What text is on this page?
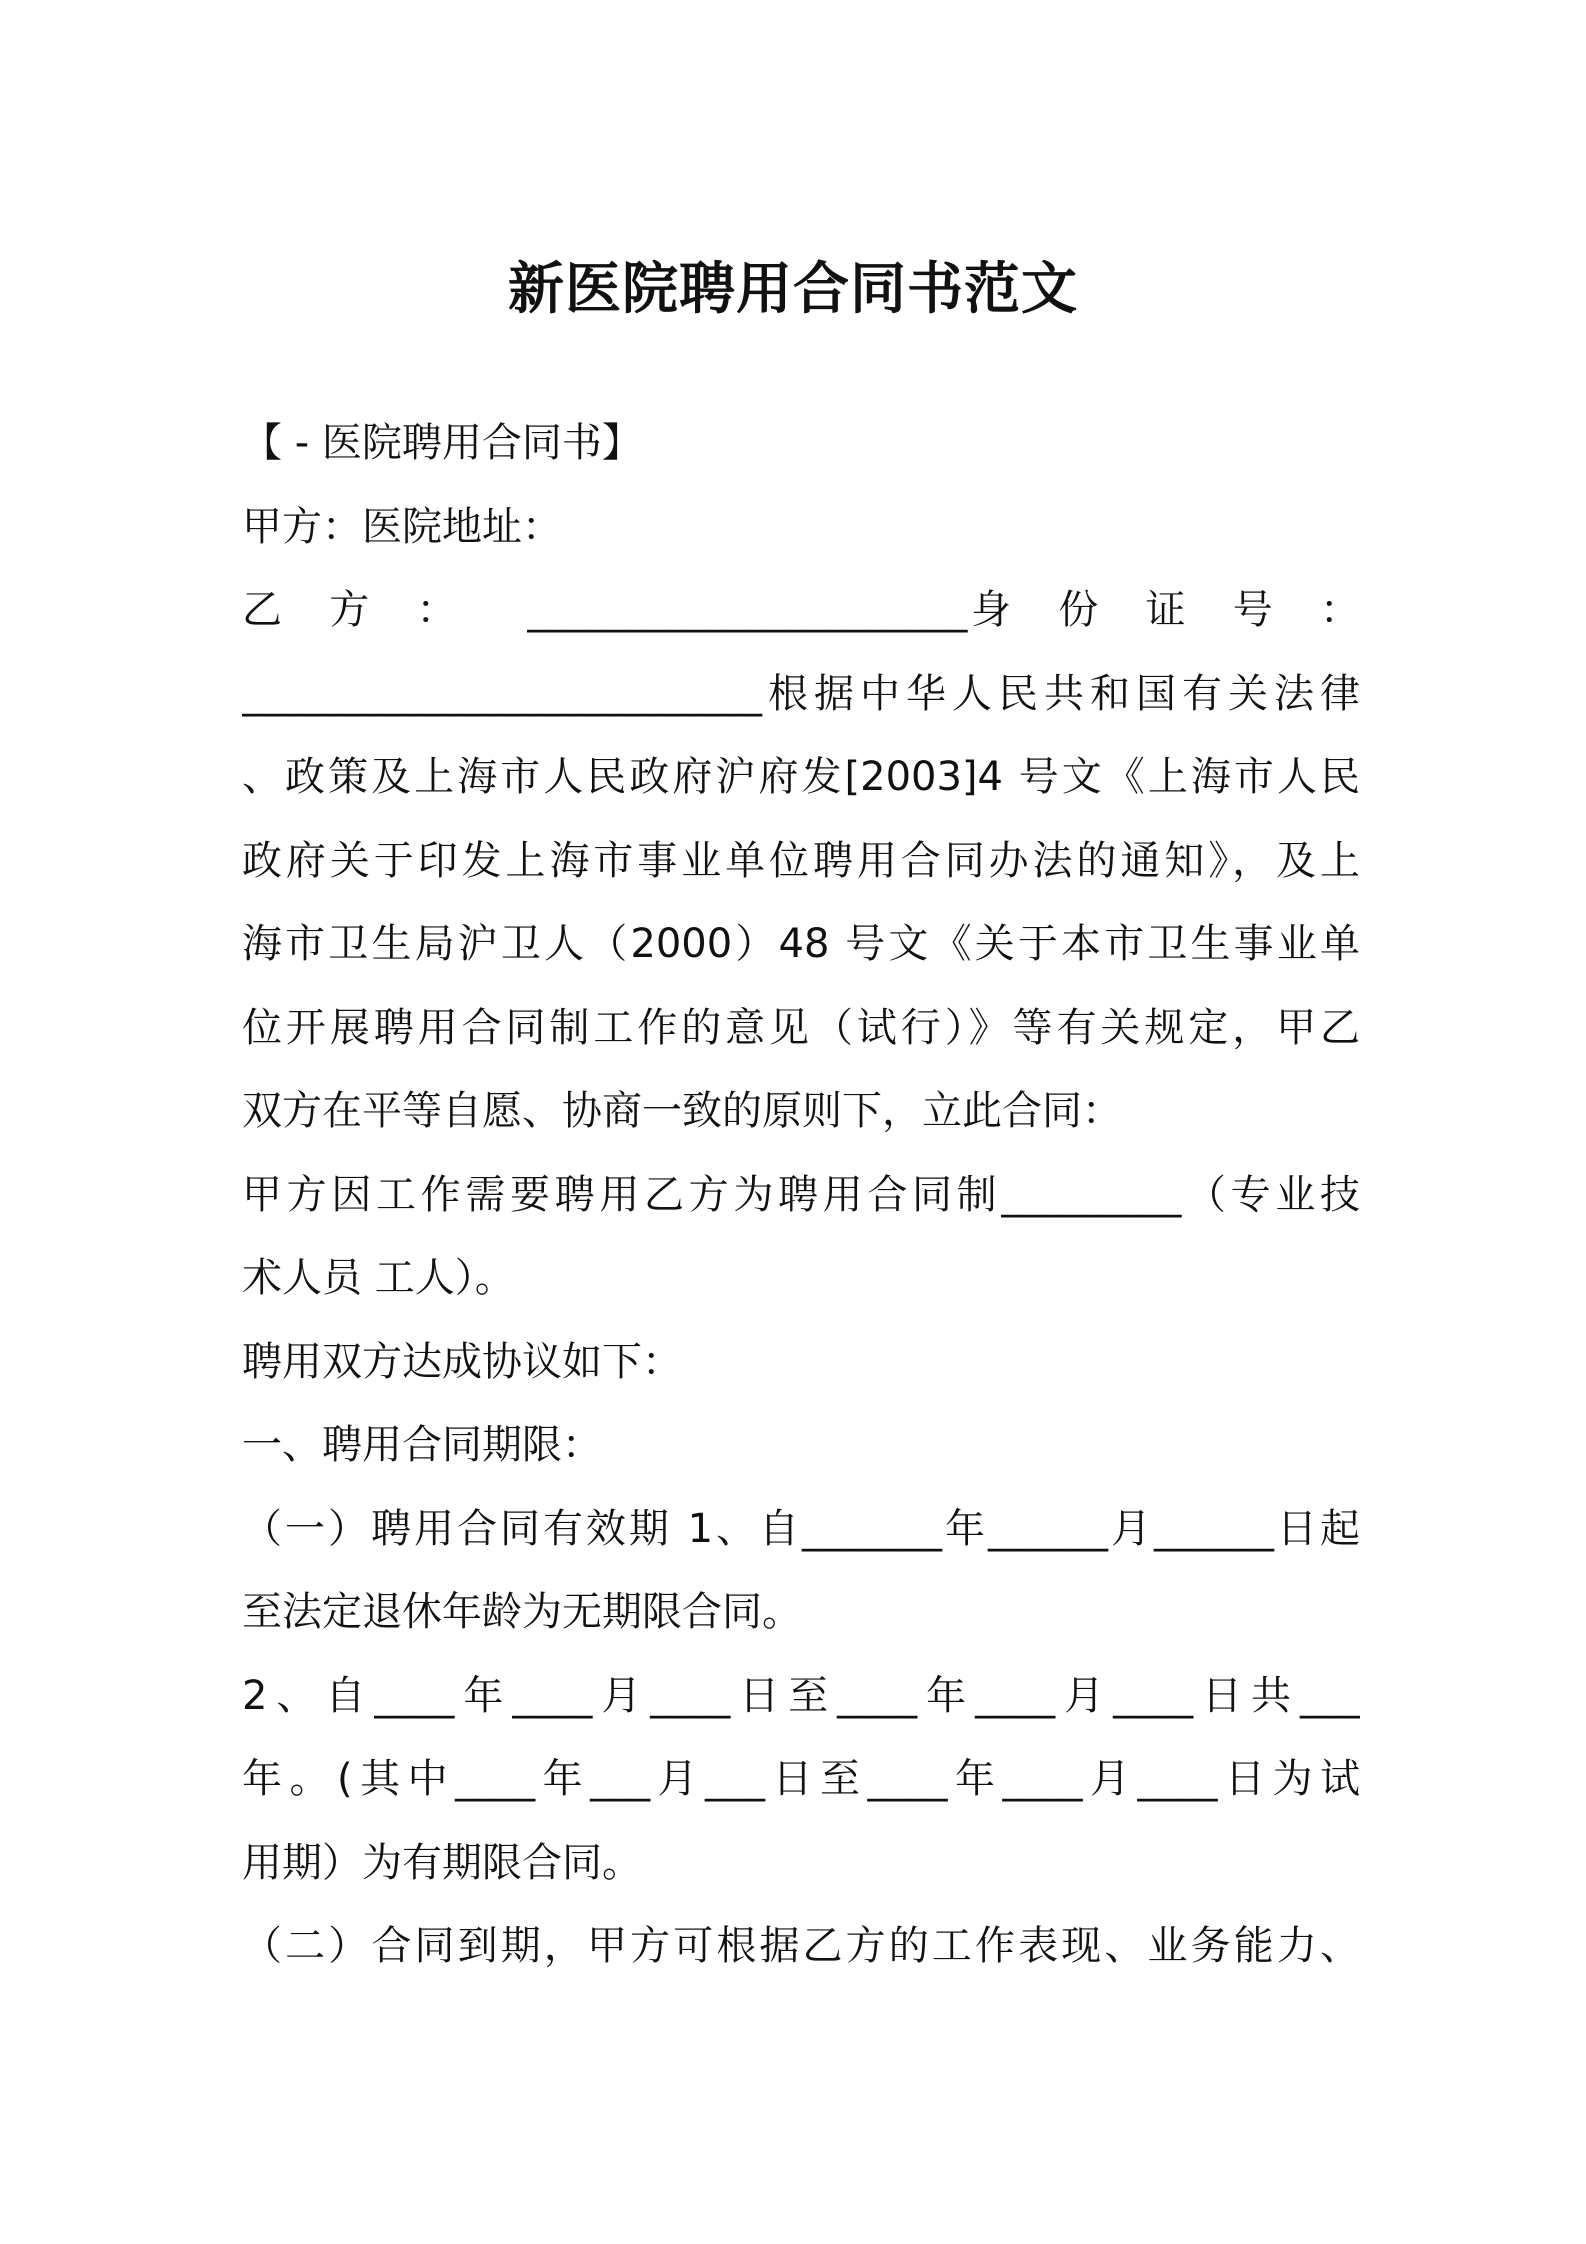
新医院聘用合同书范文

【 - 医院聘用合同书】

甲方：医院地址：

乙　方　：　　______________________身　份　证　号　：

__________________________根据中华人民共和国有关法律

、政策及上海市人民政府沪府发[2003]4 号文《上海市人民

政府关于印发上海市事业单位聘用合同办法的通知》，及上

海市卫生局沪卫人（2000）48 号文《关于本市卫生事业单

位开展聘用合同制工作的意见（试行）》等有关规定，甲乙

双方在平等自愿、协商一致的原则下，立此合同：

甲方因工作需要聘用乙方为聘用合同制_________（专业技

术人员 工人）。

聘用双方达成协议如下：

一、聘用合同期限：

（一）聘用合同有效期 1、自_______年______月______日起

至法定退休年龄为无期限合同。

2、自____年____月____日至____年____月____日共___

年。(其中____年___月___日至____年____月____日为试

用期）为有期限合同。

（二）合同到期，甲方可根据乙方的工作表现、业务能力、
